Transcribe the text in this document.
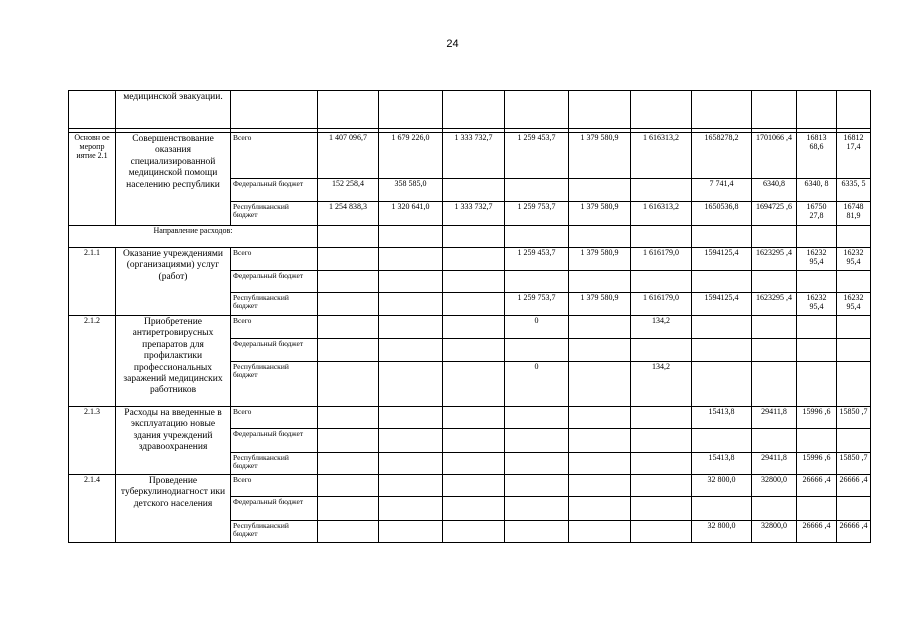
24
	медицинской эвакуации.											

Основн ое меропр иятие 2.1	Совершенствование оказания специализированной медицинской помощи населению республики	Всего	1 407 096,7	1 679 226,0	1 333 732,7	1 259 453,7	1 379 580,9	1 616313,2	1658278,2	1701066 ,4	16813 68,6	16812 17,4
		Федеральный бюджет	152 258,4	358 585,0					7 741,4	6340,8	6340, 8	6335, 5
		Республиканский бюджет	1 254 838,3	1 320 641,0	1 333 732,7	1 259 753,7	1 379 580,9	1 616313,2	1650536,8	1694725 ,6	16750 27,8	16748 81,9
Направление расходов:												
2.1.1	Оказание учреждениями (организациями) услуг (работ)	Всего				1 259 453,7	1 379 580,9	1 616179,0	1594125,4	1623295 ,4	16232 95,4	16232 95,4
		Федеральный бюджет										
		Республиканский бюджет				1 259 753,7	1 379 580,9	1 616179,0	1594125,4	1623295 ,4	16232 95,4	16232 95,4
2.1.2	Приобретение антиретровирусных препаратов для профилактики профессиональных заражений медицинских работников	Всего				0		134,2				
		Федеральный бюджет										
		Республиканский бюджет				0		134,2				
2.1.3	Расходы на введенные в эксплуатацию новые здания учреждений здравоохранения	Всего							15413,8	29411,8	15996 ,6	15850 ,7
		Федеральный бюджет										
		Республиканский бюджет							15413,8	29411,8	15996 ,6	15850 ,7
2.1.4	Проведение туберкулинодиагност ики детского населения	Всего							32 800,0	32800,0	26666 ,4	26666 ,4
		Федеральный бюджет										
		Республиканский бюджет							32 800,0	32800,0	26666 ,4	26666 ,4
